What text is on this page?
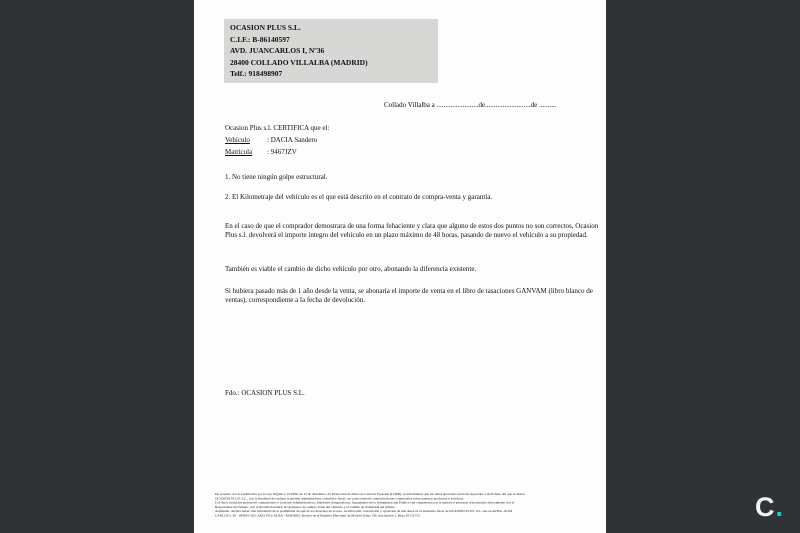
OCASION PLUS S.L.
C.I.F.: B-86140597
AVD. JUANCARLOS I, Nº36
28400 COLLADO VILLALBA (MADRID)
Telf.: 918498907
Collado Villalba a ........................de..........................de ..........
Ocasion Plus s.l. CERTIFICA que el:
Vehículo : DACIA Sandero
Matrícula : 9467JZV
1. No tiene ningún golpe estructural.
2. El Kilometraje del vehículo es el que está descrito en el contrato de compra-venta y garantía.
En el caso de que el comprador demostrara de una forma fehaciente y clara que alguno de estos dos puntos no son correctos, Ocasion Plus s.l. devolverá el importe íntegro del vehículo en un plazo máximo de 48 horas, pasando de nuevo el vehículo a su propiedad.
También es viable el cambio de dicho vehículo por otro, abonando la diferencia existente.
Si hubiera pasado más de 1 año desde la venta, se abonaría el importe de venta en el libro de tasaciones GANVAM (libro blanco de ventas), correspondiente a la fecha de devolución.
Fdo.: OCASION PLUS S.L.
De acuerdo con lo establecido por la Ley Orgánica 15/1999, de 13 de diciembre, de Protección de Datos de Carácter Personal (LOPD), le informamos que los datos aportados serán incorporados a un fichero del que es titular
OCASIÓN PLUS, S.L., con la finalidad de realizar la gestión administrativa, contable y fiscal, así como enviarle comunicaciones comerciales sobre nuestros productos y servicios.
Los datos incluidos podrán ser comunicados a Gestores Administrativos, Entidades Aseguradoras, Organismos de la Administración Pública con competencia en la materia y personas relacionadas directamente con el
Responsable del fichero, con la finalidad realizar las gestiones de compra venta del vehículo y el cambio de titularidad del mismo.
Asimismo, declara haber sido informado de la posibilidad de ejercer los derechos de acceso, rectificación, cancelación y oposición de mis datos en el domicilio fiscal de OCASIÓN PLUS, S.L. sito en AVDA. JUAN
CARLOS I, 36 - 28400 COLLADO VILLALBA - MADRID. Inscrita en el Registro Mercantil de Madrid Tomo 130, Inscripción 1, Hoja M 511731.	C.
